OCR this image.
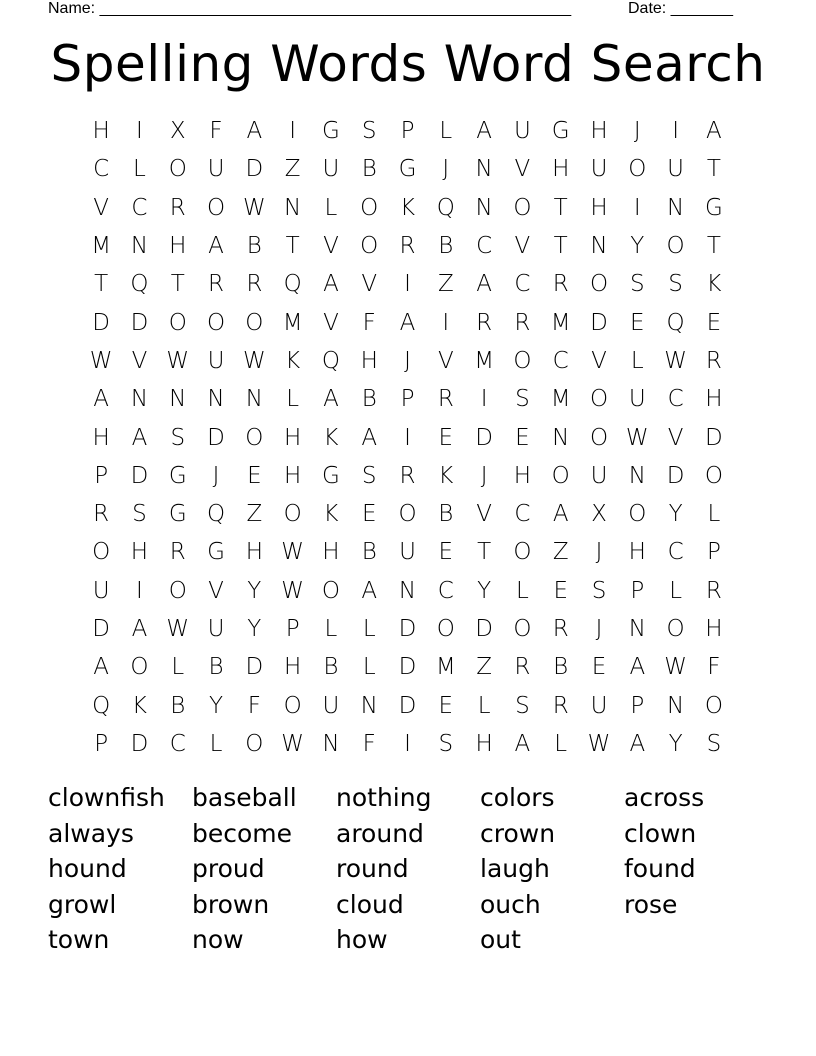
Name: _____________________________________________________	Date: _______
Spelling Words Word Search
H	I	X	F	A	I	G S	P	L	A U G H	J	I	A
C	L O U D Z U B G	J	N V H U O U T
V C R O W N	L O K Q N O T H	I	N G
M N H A B	T	V O R B C V	T N Y O T
T Q T	R R Q A V	I	Z A C R O S	S	K
D D O O O M V	F	A	I	R R M D E Q E
W V W U W K Q H	J	V M O C V	L W R
A N N N N	L	A B	P	R	I	S M O U C H
H A	S D O H K A	I	E D E N O W V D
P D G	J	E H G S	R K	J	H O U N D O
R	S G Q Z O K	E O B V C A X O Y	L
O H R G H W H B U E	T O Z	J	H C	P
U	I	O V	Y W O A N C	Y	L	E	S	P	L	R
D A W U Y	P	L	L	D O D O R	J	N O H
A O L	B D H B	L	D M Z R B	E	A W F
Q K	B	Y	F O U N D E	L	S	R U P N O
P D C	L O W N	F	I	S H A	L W A	Y	S
clownfish	baseball	nothing	colors	across
always	become	around	crown	clown
hound	proud	round	laugh	found
growl	brown	cloud	ouch	rose
town	now	how	out
